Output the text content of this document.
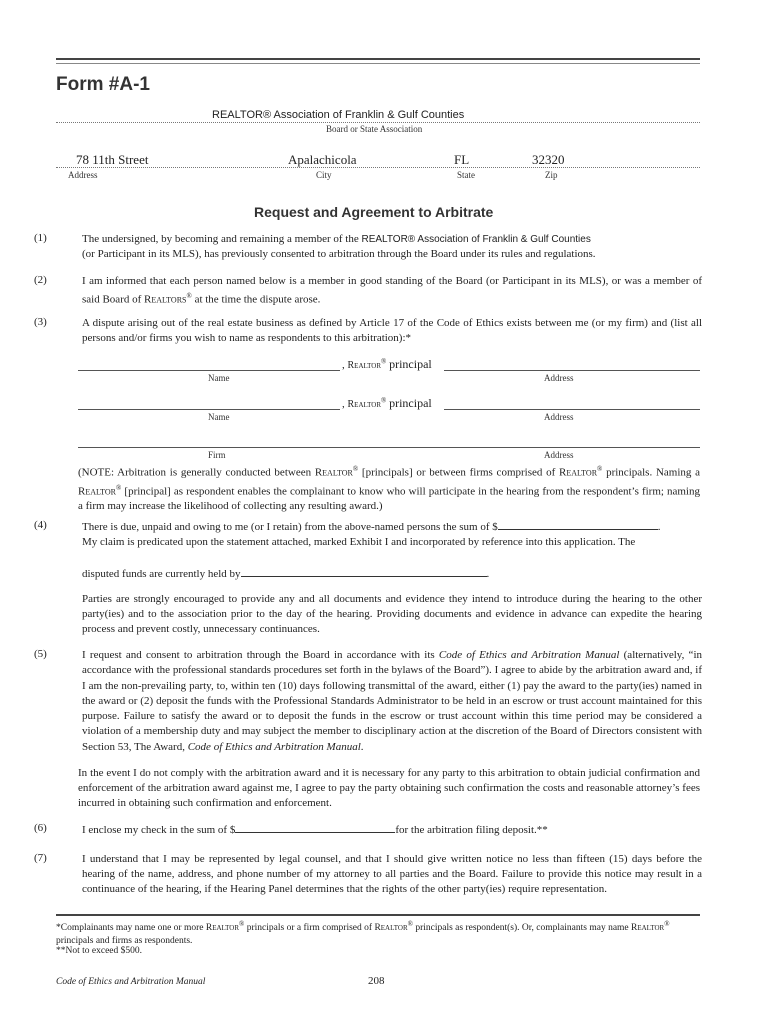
Form #A-1
REALTOR® Association of Franklin & Gulf Counties
Board or State Association
78 11th Street	Apalachicola	FL	32320
Address	City	State	Zip
Request and Agreement to Arbitrate
(1)	The undersigned, by becoming and remaining a member of the REALTOR® Association of Franklin & Gulf Counties
(or Participant in its MLS), has previously consented to arbitration through the Board under its rules and regulations.
(2)	I am informed that each person named below is a member in good standing of the Board (or Participant in its MLS), or was a member of said Board of Realtors® at the time the dispute arose.
(3)	A dispute arising out of the real estate business as defined by Article 17 of the Code of Ethics exists between me (or my firm) and (list all persons and/or firms you wish to name as respondents to this arbitration):*
, Realtor® principal
Name	Address
, Realtor® principal
Name	Address
Firm	Address
(NOTE: Arbitration is generally conducted between Realtor® [principals] or between firms comprised of Realtor® principals. Naming a Realtor® [principal] as respondent enables the complainant to know who will participate in the hearing from the respondent’s firm; naming a firm may increase the likelihood of collecting any resulting award.)
(4)	There is due, unpaid and owing to me (or I retain) from the above-named persons the sum of $	.
My claim is predicated upon the statement attached, marked Exhibit I and incorporated by reference into this application. The
disputed funds are currently held by	.
Parties are strongly encouraged to provide any and all documents and evidence they intend to introduce during the hearing to the other party(ies) and to the association prior to the day of the hearing. Providing documents and evidence in advance can expedite the hearing process and prevent costly, unnecessary continuances.
(5)	I request and consent to arbitration through the Board in accordance with its Code of Ethics and Arbitration Manual (alternatively, “in accordance with the professional standards procedures set forth in the bylaws of the Board”). I agree to abide by the arbitration award and, if I am the non-prevailing party, to, within ten (10) days following transmittal of the award, either (1) pay the award to the party(ies) named in the award or (2) deposit the funds with the Professional Standards Administrator to be held in an escrow or trust account maintained for this purpose. Failure to satisfy the award or to deposit the funds in the escrow or trust account within this time period may be considered a violation of a membership duty and may subject the member to disciplinary action at the discretion of the Board of Directors consistent with Section 53, The Award, Code of Ethics and Arbitration Manual.
In the event I do not comply with the arbitration award and it is necessary for any party to this arbitration to obtain judicial confirmation and enforcement of the arbitration award against me, I agree to pay the party obtaining such confirmation the costs and reasonable attorney’s fees incurred in obtaining such confirmation and enforcement.
(6)	I enclose my check in the sum of $	for the arbitration filing deposit.**
(7)	I understand that I may be represented by legal counsel, and that I should give written notice no less than fifteen (15) days before the hearing of the name, address, and phone number of my attorney to all parties and the Board. Failure to provide this notice may result in a continuance of the hearing, if the Hearing Panel determines that the rights of the other party(ies) require representation.
*Complainants may name one or more Realtor® principals or a firm comprised of Realtor® principals as respondent(s). Or, complainants may name Realtor® principals and firms as respondents.
**Not to exceed $500.
Code of Ethics and Arbitration Manual	208
